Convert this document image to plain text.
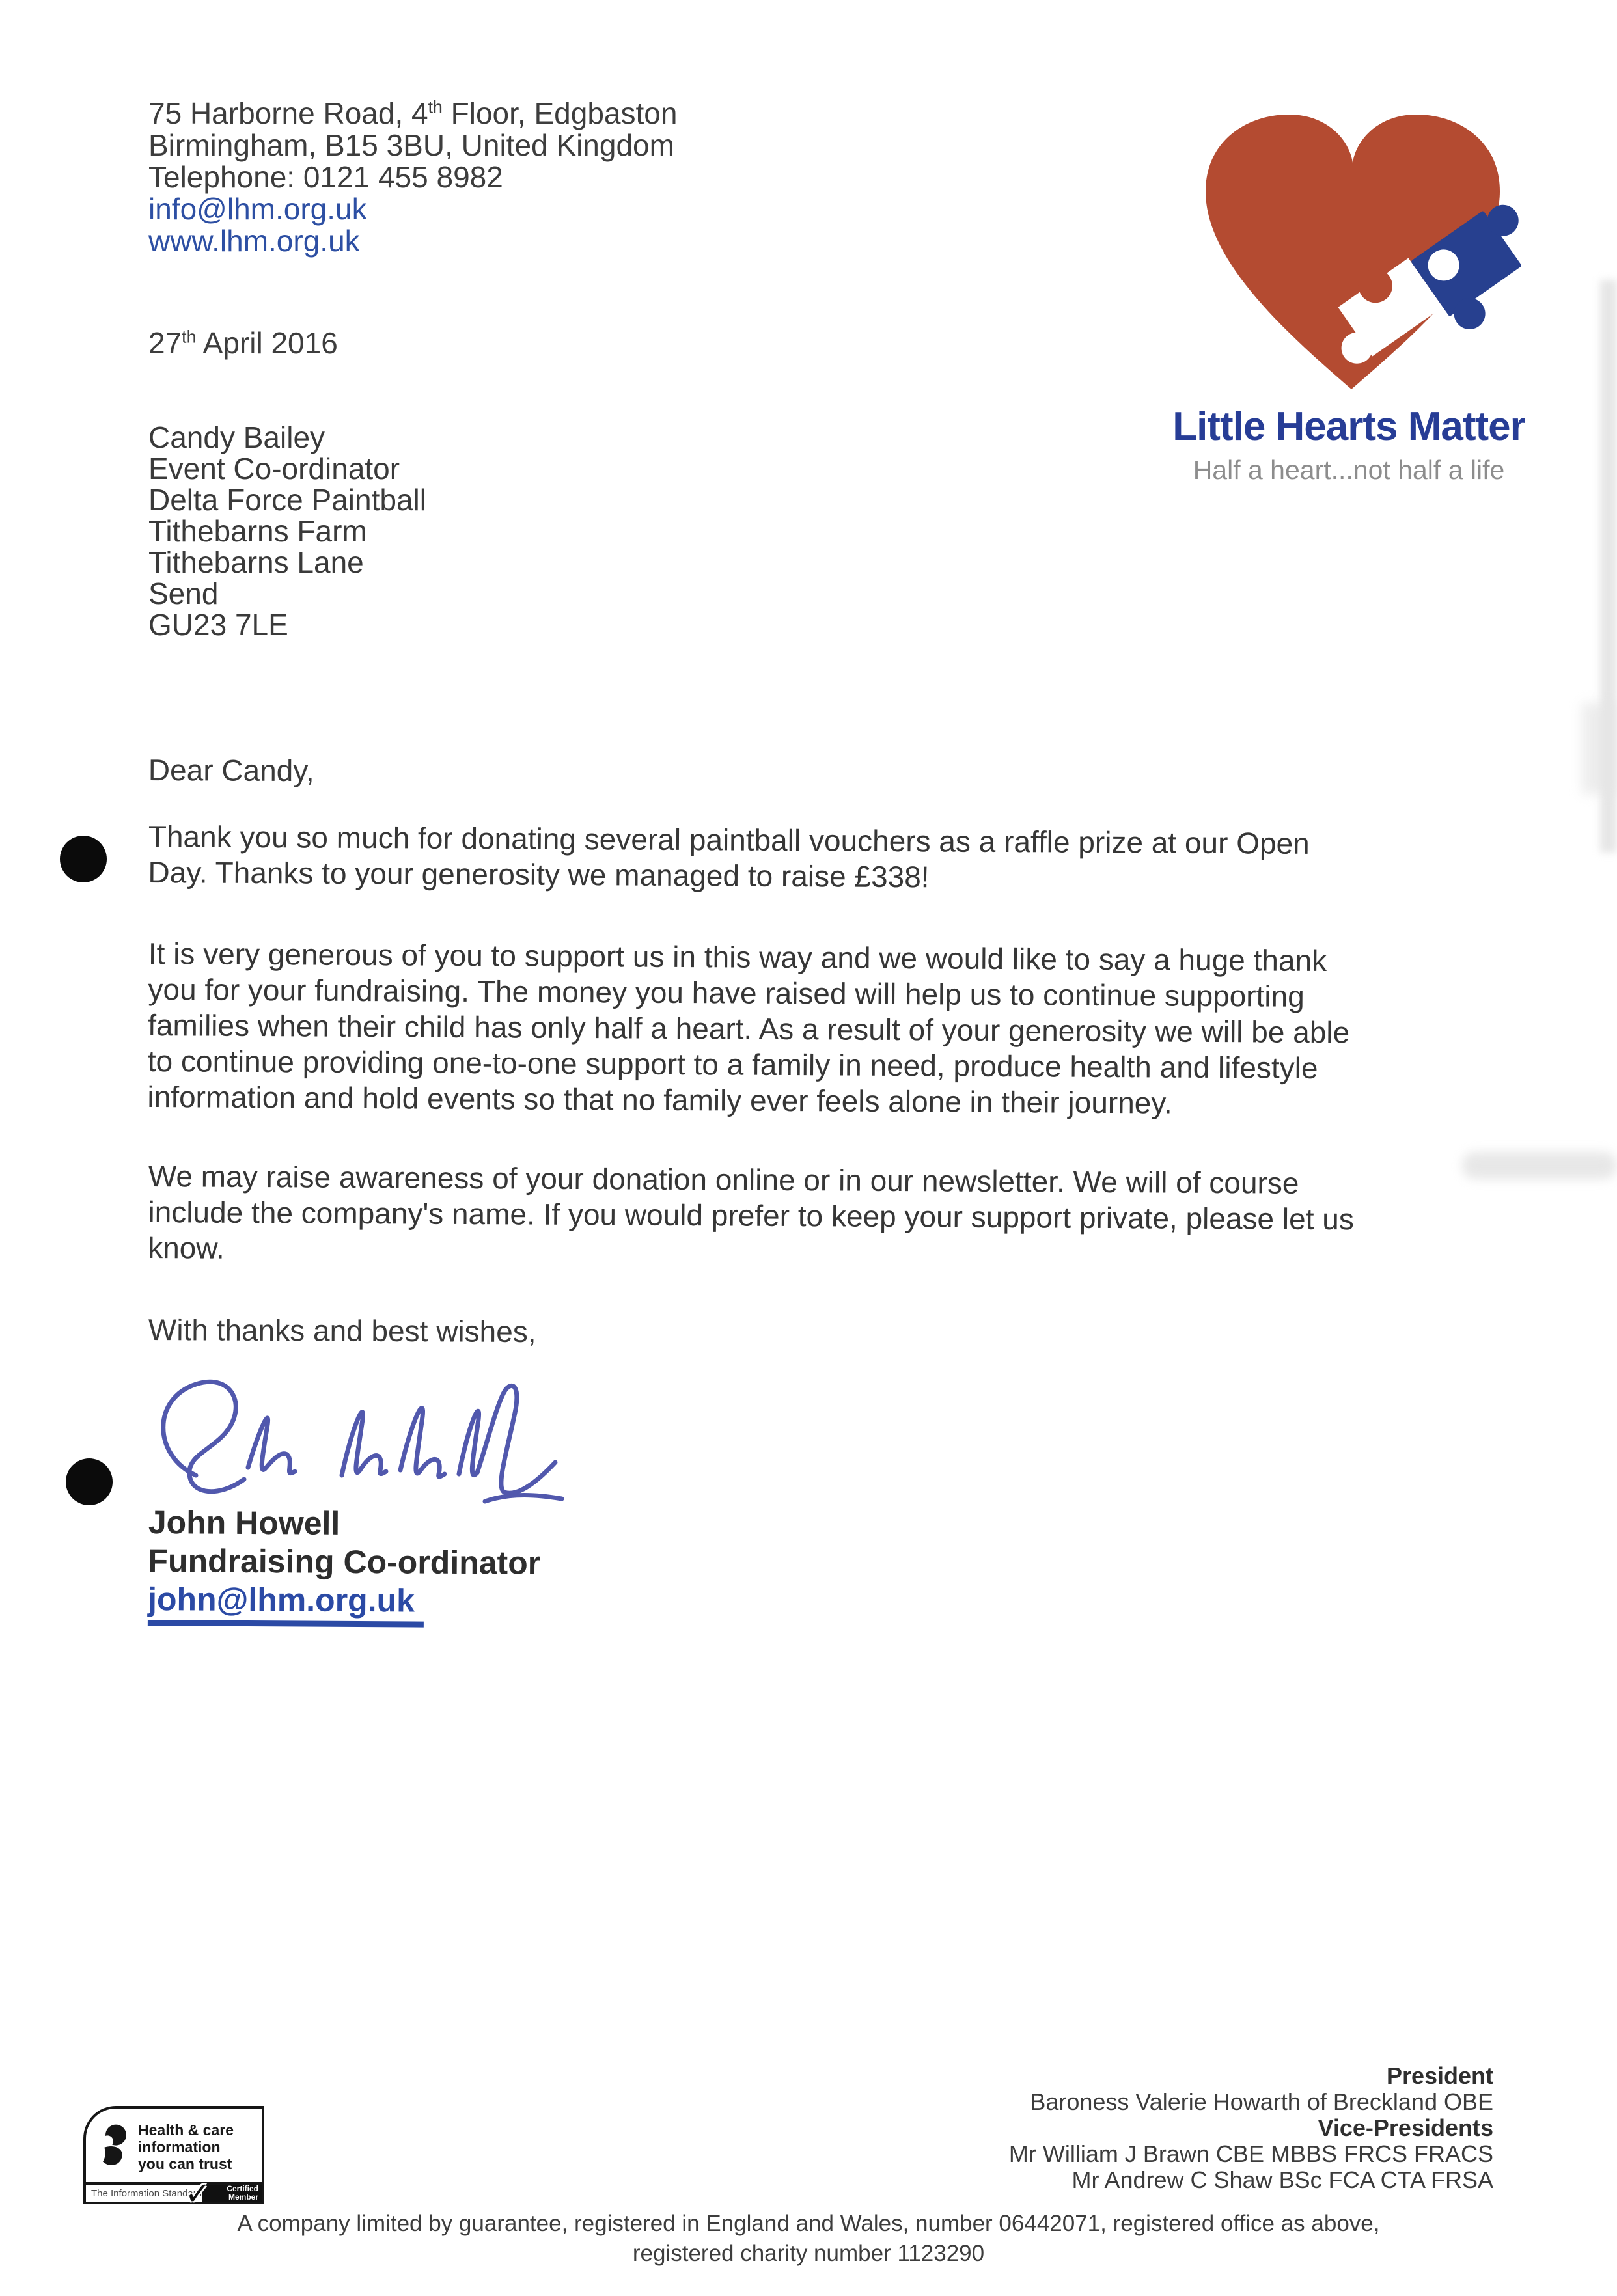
75 Harborne Road, 4th Floor, Edgbaston
Birmingham, B15 3BU, United Kingdom
Telephone: 0121 455 8982
info@lhm.org.uk
www.lhm.org.uk
Little Hearts Matter
Half a heart...not half a life
27th April 2016
Candy Bailey
Event Co-ordinator
Delta Force Paintball
Tithebarns Farm
Tithebarns Lane
Send
GU23 7LE
Dear Candy,
Thank you so much for donating several paintball vouchers as a raffle prize at our Open
Day. Thanks to your generosity we managed to raise £338!
It is very generous of you to support us in this way and we would like to say a huge thank
you for your fundraising. The money you have raised will help us to continue supporting
families when their child has only half a heart. As a result of your generosity we will be able
to continue providing one-to-one support to a family in need, produce health and lifestyle
information and hold events so that no family ever feels alone in their journey.
We may raise awareness of your donation online or in our newsletter. We will of course
include the company's name. If you would prefer to keep your support private, please let us
know.
With thanks and best wishes,
John Howell
Fundraising Co-ordinator
john@lhm.org.uk
President
Baroness Valerie Howarth of Breckland OBE
Vice-Presidents
Mr William J Brawn CBE MBBS FRCS FRACS
Mr Andrew C Shaw BSc FCA CTA FRSA
A company limited by guarantee, registered in England and Wales, number 06442071, registered office as above,
registered charity number 1123290
Health & care
information
you can trust
The Information Standard	Certified
Member
✓
